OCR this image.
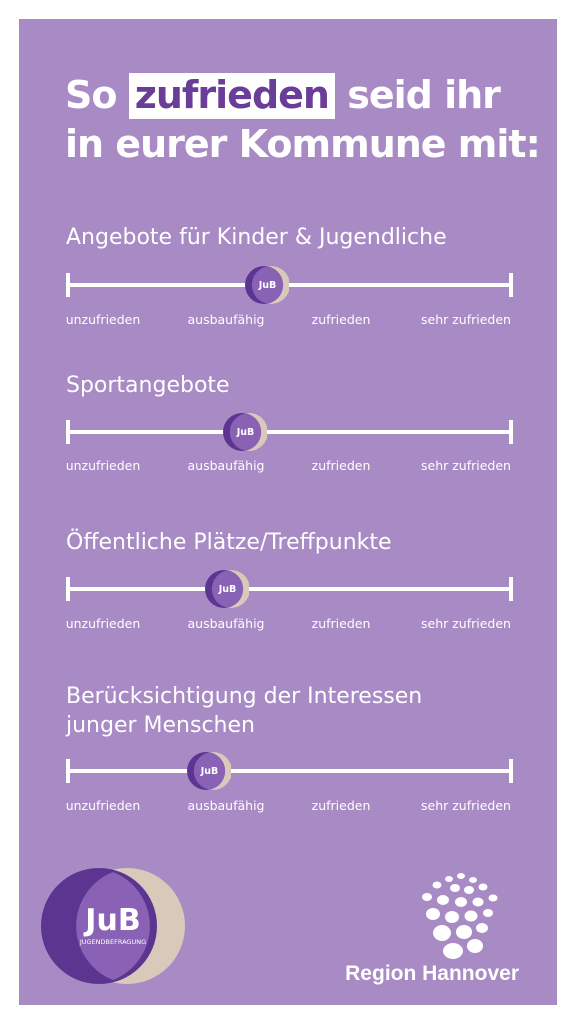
So zufrieden seid ihr
in eurer Kommune mit:
Angebote für Kinder & Jugendliche
JuB
unzufrieden	ausbaufähig	zufrieden	sehr zufrieden
Sportangebote
JuB
unzufrieden	ausbaufähig	zufrieden	sehr zufrieden
Öffentliche Plätze/Treffpunkte
JuB
unzufrieden	ausbaufähig	zufrieden	sehr zufrieden
Berücksichtigung der Interessen
junger Menschen
JuB
unzufrieden	ausbaufähig	zufrieden	sehr zufrieden
JuB
JUGENDBEFRAGUNG
Region Hannover
